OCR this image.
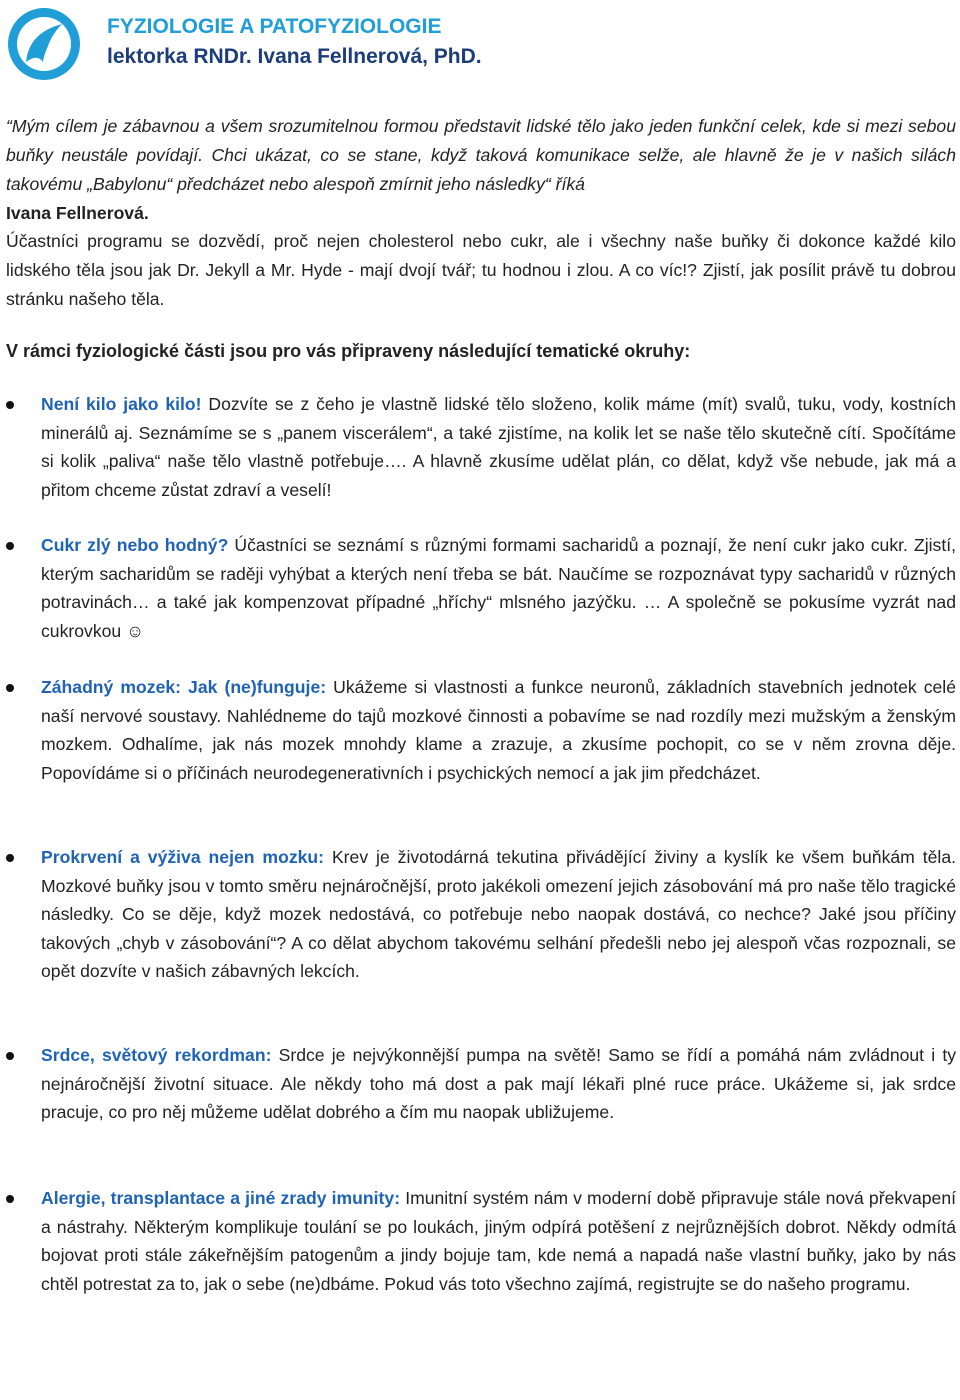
FYZIOLOGIE A PATOFYZIOLOGIE
lektorka RNDr. Ivana Fellnerová, PhD.

“Mým cílem je zábavnou a všem srozumitelnou formou představit lidské tělo jako jeden funkční celek, kde si mezi sebou buňky neustále povídají. Chci ukázat, co se stane, když taková komunikace selže, ale hlavně že je v našich silách takovému „Babylonu“ předcházet nebo alespoň zmírnit jeho následky“ říká
Ivana Fellnerová.

Účastníci programu se dozvědí, proč nejen cholesterol nebo cukr, ale i všechny naše buňky či dokonce každé kilo lidského těla jsou jak Dr. Jekyll a Mr. Hyde - mají dvojí tvář; tu hodnou i zlou. A co víc!? Zjistí, jak posílit právě tu dobrou stránku našeho těla.

V rámci fyziologické části jsou pro vás připraveny následující tematické okruhy:

Není kilo jako kilo! Dozvíte se z čeho je vlastně lidské tělo složeno, kolik máme (mít) svalů, tuku, vody, kostních minerálů aj. Seznámíme se s „panem viscerálem“, a také zjistíme, na kolik let se naše tělo skutečně cítí. Spočítáme si kolik „paliva“ naše tělo vlastně potřebuje…. A hlavně zkusíme udělat plán, co dělat, když vše nebude, jak má a přitom chceme zůstat zdraví a veselí!

Cukr zlý nebo hodný? Účastníci se seznámí s různými formami sacharidů a poznají, že není cukr jako cukr. Zjistí, kterým sacharidům se raději vyhýbat a kterých není třeba se bát. Naučíme se rozpoznávat typy sacharidů v různých potravinách… a také jak kompenzovat případné „hříchy“ mlsného jazýčku. … A společně se pokusíme vyzrát nad cukrovkou ☺

Záhadný mozek: Jak (ne)funguje: Ukážeme si vlastnosti a funkce neuronů, základních stavebních jednotek celé naší nervové soustavy. Nahlédneme do tajů mozkové činnosti a pobavíme se nad rozdíly mezi mužským a ženským mozkem. Odhalíme, jak nás mozek mnohdy klame a zrazuje, a zkusíme pochopit, co se v něm zrovna děje. Popovídáme si o příčinách neurodegenerativních i psychických nemocí a jak jim předcházet.

Prokrvení a výživa nejen mozku: Krev je životodárná tekutina přivádějící živiny a kyslík ke všem buňkám těla. Mozkové buňky jsou v tomto směru nejnáročnější, proto jakékoli omezení jejich zásobování má pro naše tělo tragické následky. Co se děje, když mozek nedostává, co potřebuje nebo naopak dostává, co nechce? Jaké jsou příčiny takových „chyb v zásobování“? A co dělat abychom takovému selhání předešli nebo jej alespoň včas rozpoznali, se opět dozvíte v našich zábavných lekcích.

Srdce, světový rekordman: Srdce je nejvýkonnější pumpa na světě! Samo se řídí a pomáhá nám zvládnout i ty nejnáročnější životní situace. Ale někdy toho má dost a pak mají lékaři plné ruce práce. Ukážeme si, jak srdce pracuje, co pro něj můžeme udělat dobrého a čím mu naopak ubližujeme.

Alergie, transplantace a jiné zrady imunity: Imunitní systém nám v moderní době připravuje stále nová překvapení a nástrahy. Některým komplikuje toulání se po loukách, jiným odpírá potěšení z nejrůznějších dobrot. Někdy odmítá bojovat proti stále zákeřnějším patogenům a jindy bojuje tam, kde nemá a napadá naše vlastní buňky, jako by nás chtěl potrestat za to, jak o sebe (ne)dbáme. Pokud vás toto všechno zajímá, registrujte se do našeho programu.
